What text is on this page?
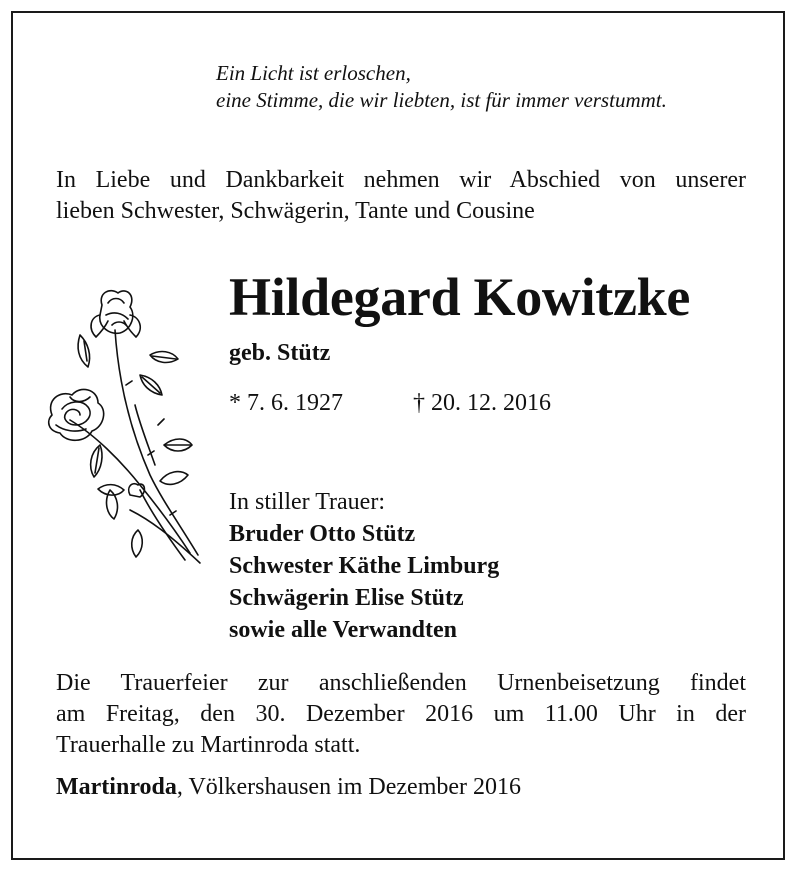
Ein Licht ist erloschen,
eine Stimme, die wir liebten, ist für immer verstummt.
In Liebe und Dankbarkeit nehmen wir Abschied von unserer
lieben Schwester, Schwägerin, Tante und Cousine
Hildegard Kowitzke
geb. Stütz
* 7. 6. 1927	† 20. 12. 2016
In stiller Trauer:
Bruder Otto Stütz
Schwester Käthe Limburg
Schwägerin Elise Stütz
sowie alle Verwandten
Die Trauerfeier zur anschließenden Urnenbeisetzung findet
am Freitag, den 30. Dezember 2016 um 11.00 Uhr in der
Trauerhalle zu Martinroda statt.
Martinroda, Völkershausen im Dezember 2016
